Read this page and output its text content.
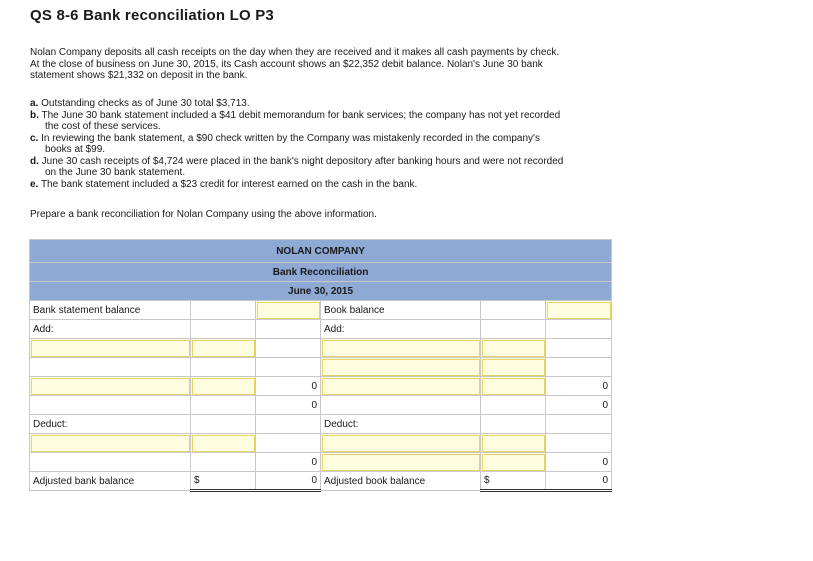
QS 8-6 Bank reconciliation LO P3
Nolan Company deposits all cash receipts on the day when they are received and it makes all cash payments by check. At the close of business on June 30, 2015, its Cash account shows an $22,352 debit balance. Nolan's June 30 bank statement shows $21,332 on deposit in the bank.
a. Outstanding checks as of June 30 total $3,713.
b. The June 30 bank statement included a $41 debit memorandum for bank services; the company has not yet recorded the cost of these services.
c. In reviewing the bank statement, a $90 check written by the Company was mistakenly recorded in the company's books at $99.
d. June 30 cash receipts of $4,724 were placed in the bank's night depository after banking hours and were not recorded on the June 30 bank statement.
e. The bank statement included a $23 credit for interest earned on the cash in the bank.
Prepare a bank reconciliation for Nolan Company using the above information.
NOLAN COMPANY					
Bank Reconciliation					
June 30, 2015					
Bank statement balance			Book balance		
Add:			Add:		

		0			0
		0			0
Deduct:			Deduct:		

		0			0
Adjusted bank balance	$	0	Adjusted book balance	$	0
